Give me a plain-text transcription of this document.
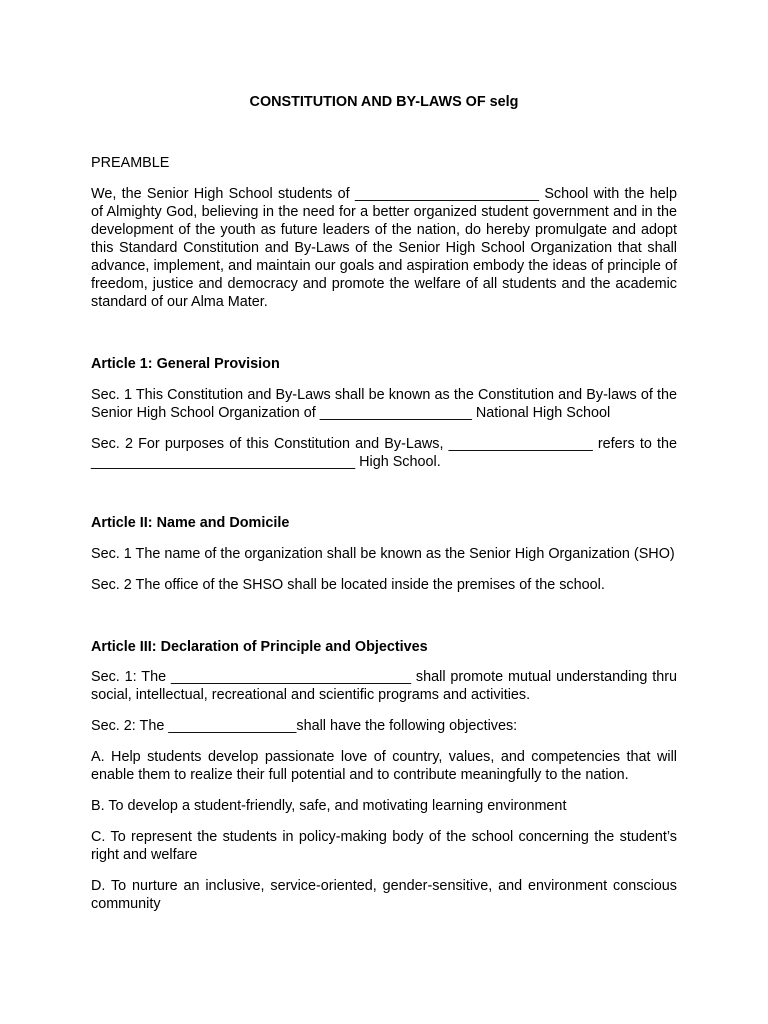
CONSTITUTION AND BY-LAWS OF selg

PREAMBLE

We, the Senior High School students of _______________________ School with the help of Almighty God, believing in the need for a better organized student government and in the development of the youth as future leaders of the nation, do hereby promulgate and adopt this Standard Constitution and By-Laws of the Senior High School Organization that shall advance, implement, and maintain our goals and aspiration embody the ideas of principle of freedom, justice and democracy and promote the welfare of all students and the academic standard of our Alma Mater.

Article 1: General Provision

Sec. 1 This Constitution and By-Laws shall be known as the Constitution and By-laws of the Senior High School Organization of ___________________ National High School

Sec. 2 For purposes of this Constitution and By-Laws, __________________ refers to the _________________________________ High School.

Article II: Name and Domicile

Sec. 1 The name of the organization shall be known as the Senior High Organization (SHO)

Sec. 2 The office of the SHSO shall be located inside the premises of the school.

Article III: Declaration of Principle and Objectives

Sec. 1: The ______________________________ shall promote mutual understanding thru social, intellectual, recreational and scientific programs and activities.

Sec. 2: The ________________shall have the following objectives:

A. Help students develop passionate love of country, values, and competencies that will enable them to realize their full potential and to contribute meaningfully to the nation.

B. To develop a student-friendly, safe, and motivating learning environment

C. To represent the students in policy-making body of the school concerning the student’s right and welfare

D. To nurture an inclusive, service-oriented, gender-sensitive, and environment conscious community
